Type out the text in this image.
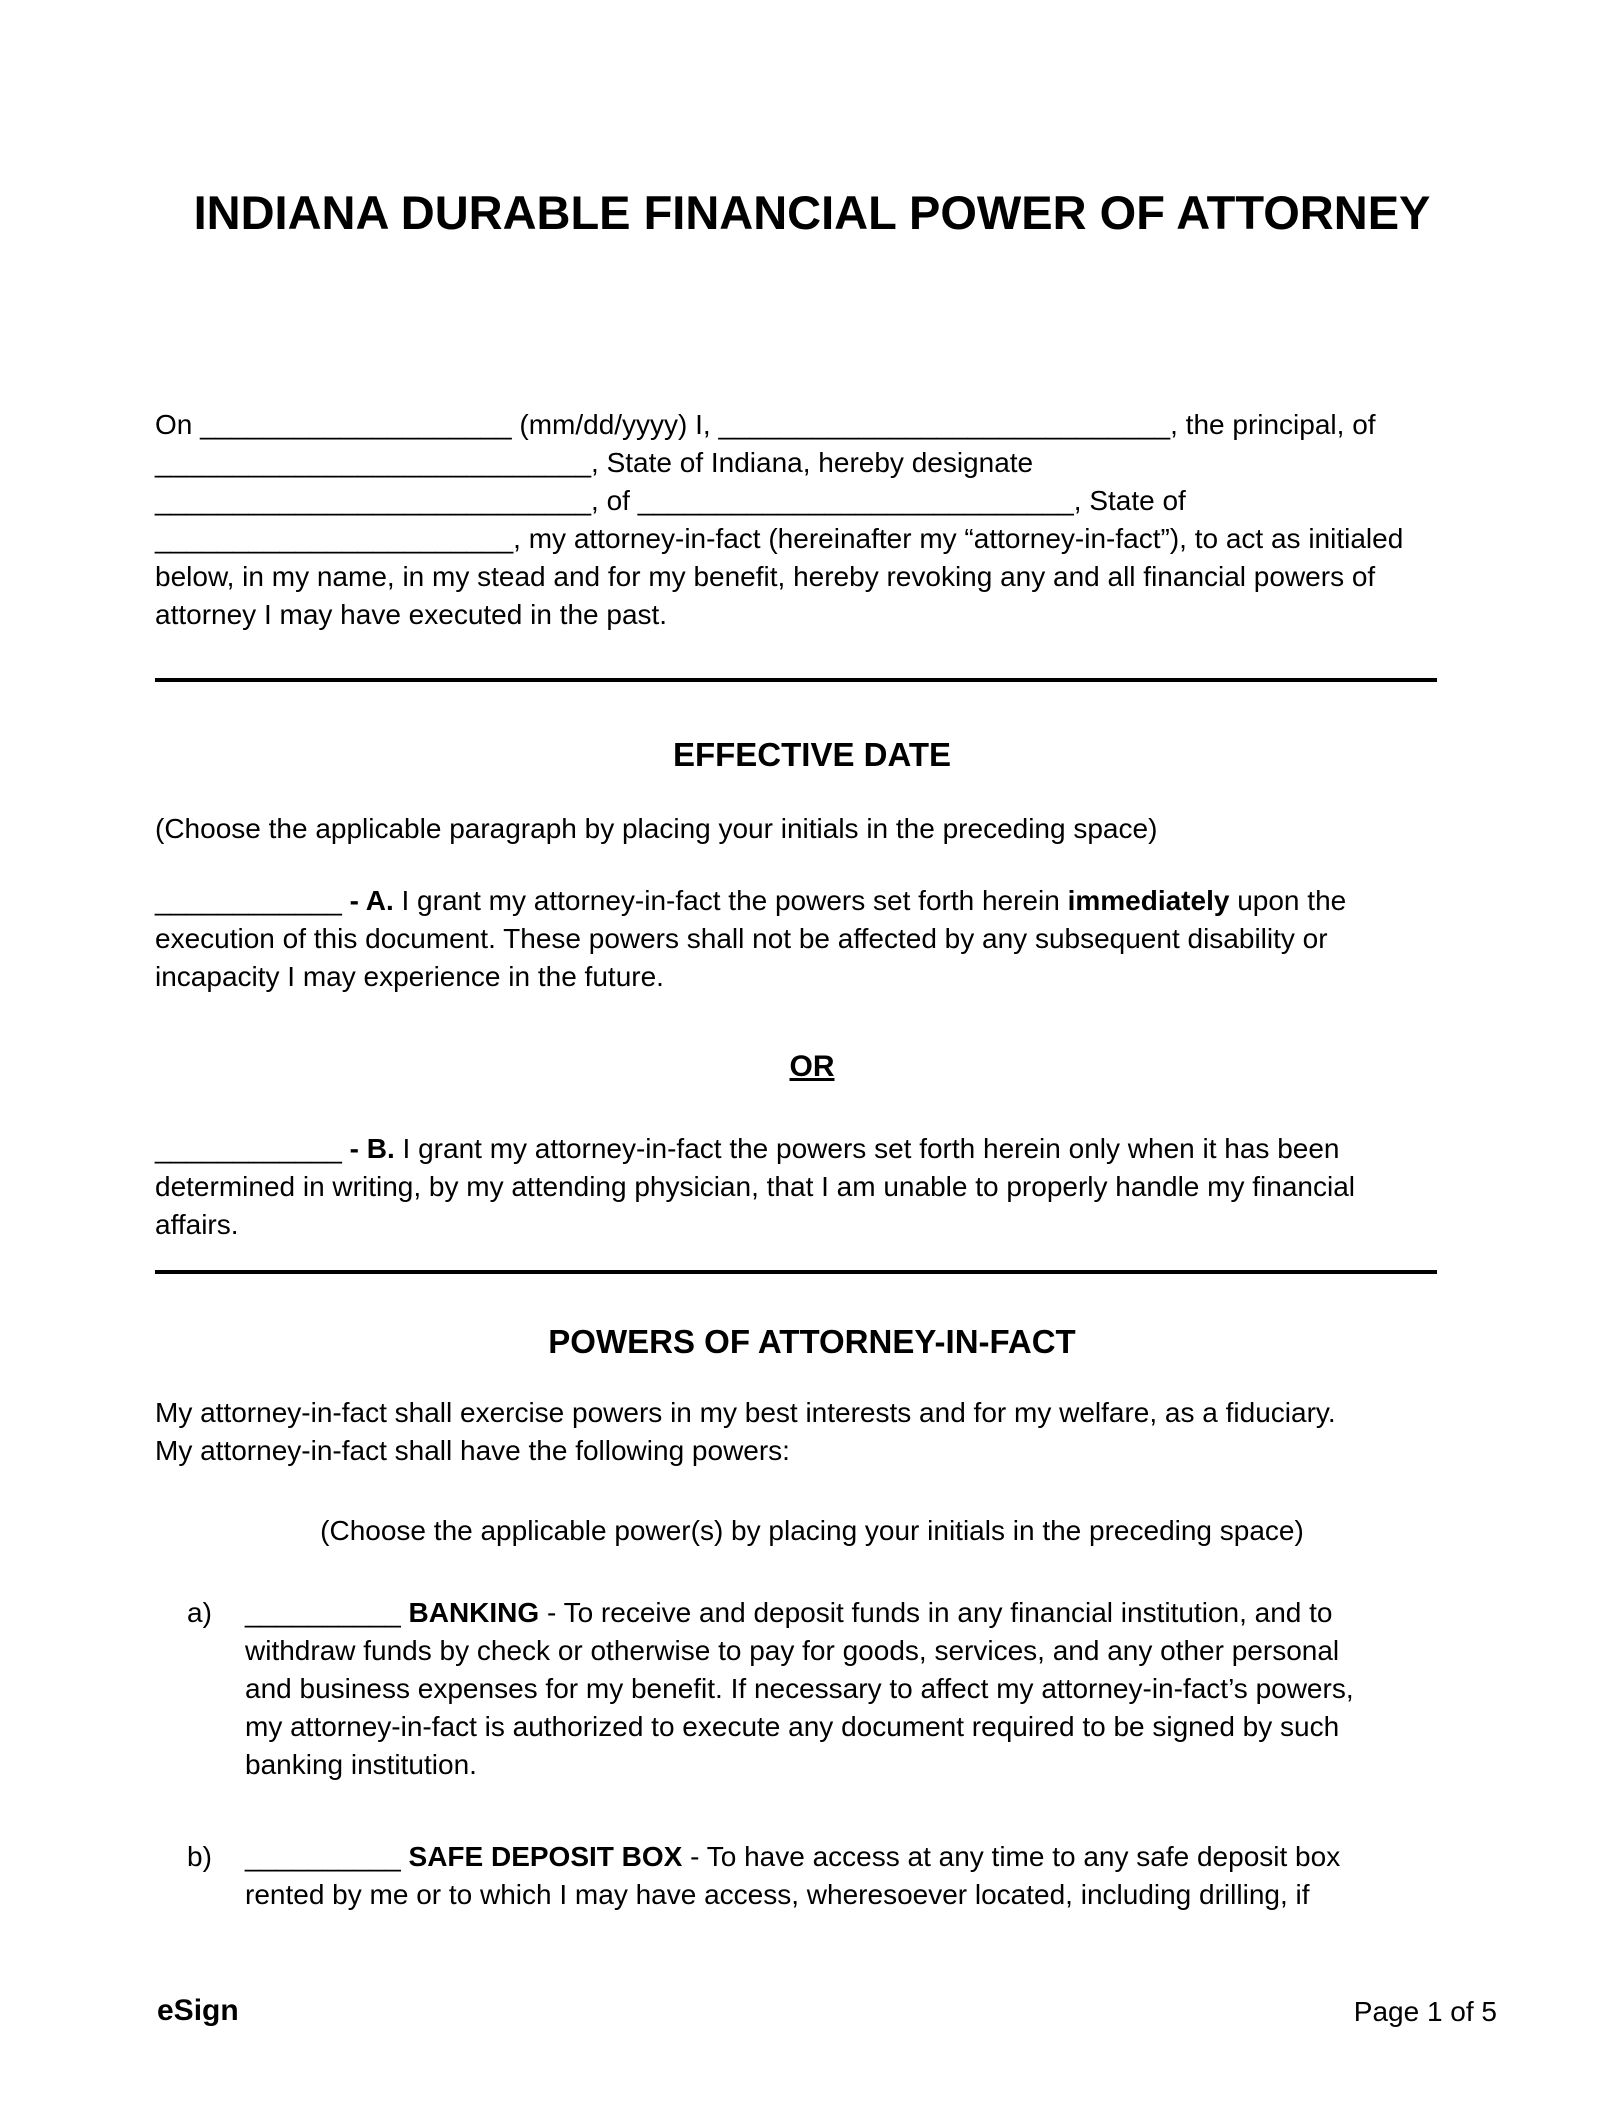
INDIANA DURABLE FINANCIAL POWER OF ATTORNEY
On ____________________ (mm/dd/yyyy) I, _____________________________, the principal, of ____________________________, State of Indiana, hereby designate ____________________________, of ____________________________, State of _______________________, my attorney-in-fact (hereinafter my “attorney-in-fact”), to act as initialed below, in my name, in my stead and for my benefit, hereby revoking any and all financial powers of attorney I may have executed in the past.
EFFECTIVE DATE
(Choose the applicable paragraph by placing your initials in the preceding space)
____________ - A. I grant my attorney-in-fact the powers set forth herein immediately upon the execution of this document. These powers shall not be affected by any subsequent disability or incapacity I may experience in the future.
OR
____________ - B. I grant my attorney-in-fact the powers set forth herein only when it has been determined in writing, by my attending physician, that I am unable to properly handle my financial affairs.
POWERS OF ATTORNEY-IN-FACT
My attorney-in-fact shall exercise powers in my best interests and for my welfare, as a fiduciary.
My attorney-in-fact shall have the following powers:
(Choose the applicable power(s) by placing your initials in the preceding space)
a) __________ BANKING - To receive and deposit funds in any financial institution, and to withdraw funds by check or otherwise to pay for goods, services, and any other personal and business expenses for my benefit. If necessary to affect my attorney-in-fact’s powers, my attorney-in-fact is authorized to execute any document required to be signed by such banking institution.
b) __________ SAFE DEPOSIT BOX - To have access at any time to any safe deposit box rented by me or to which I may have access, wheresoever located, including drilling, if
eSign	Page 1 of 5
